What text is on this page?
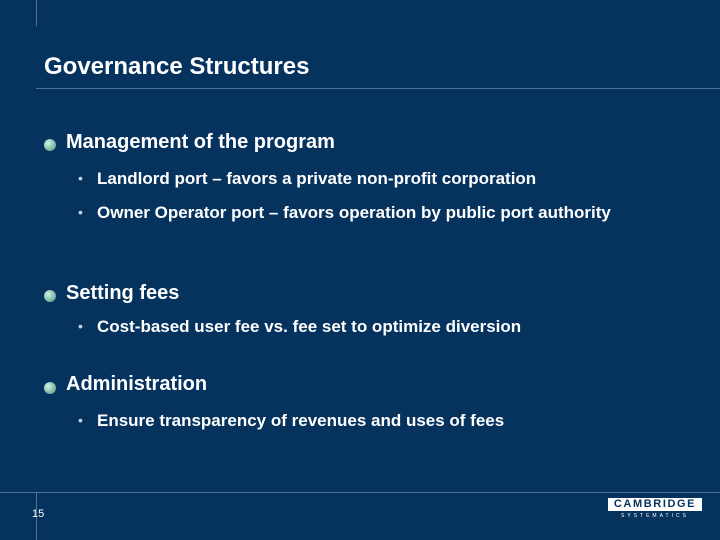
Governance Structures
Management of the program
• Landlord port – favors a private non-profit corporation
• Owner Operator port – favors operation by public port authority
Setting fees
• Cost-based user fee vs. fee set to optimize diversion
Administration
• Ensure transparency of revenues and uses of fees
15
CAMBRIDGE
SYSTEMATICS
